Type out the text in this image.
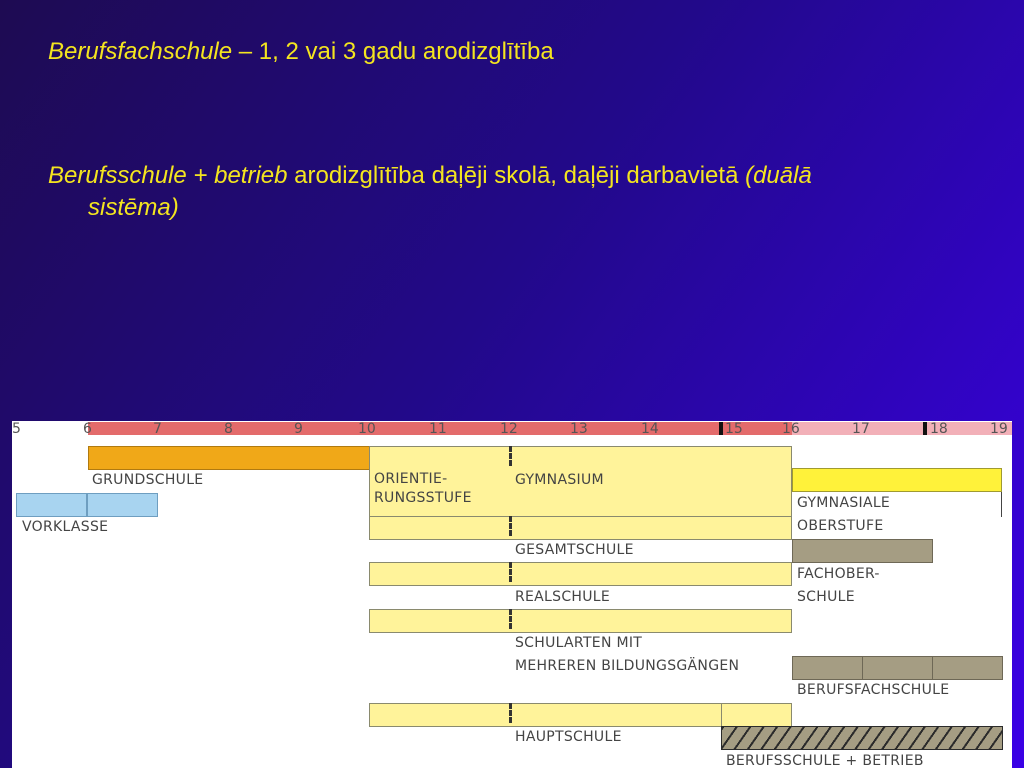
Berufsfachschule – 1, 2 vai 3 gadu arodizglītība
Berufsschule + betrieb arodizglītība daļēji skolā, daļēji darbavietā (duālā
sistēma)
5	6	7	8	9	10	11	12	13	14	15	16	17	18	19
GRUNDSCHULE
VORKLASSE
ORIENTIE-
RUNGSSTUFE
GYMNASIUM
GYMNASIALE
OBERSTUFE
GESAMTSCHULE
FACHOBER-
SCHULE
REALSCHULE
SCHULARTEN MIT
MEHREREN BILDUNGSGÄNGEN
BERUFSFACHSCHULE
HAUPTSCHULE
BERUFSSCHULE + BETRIEB
